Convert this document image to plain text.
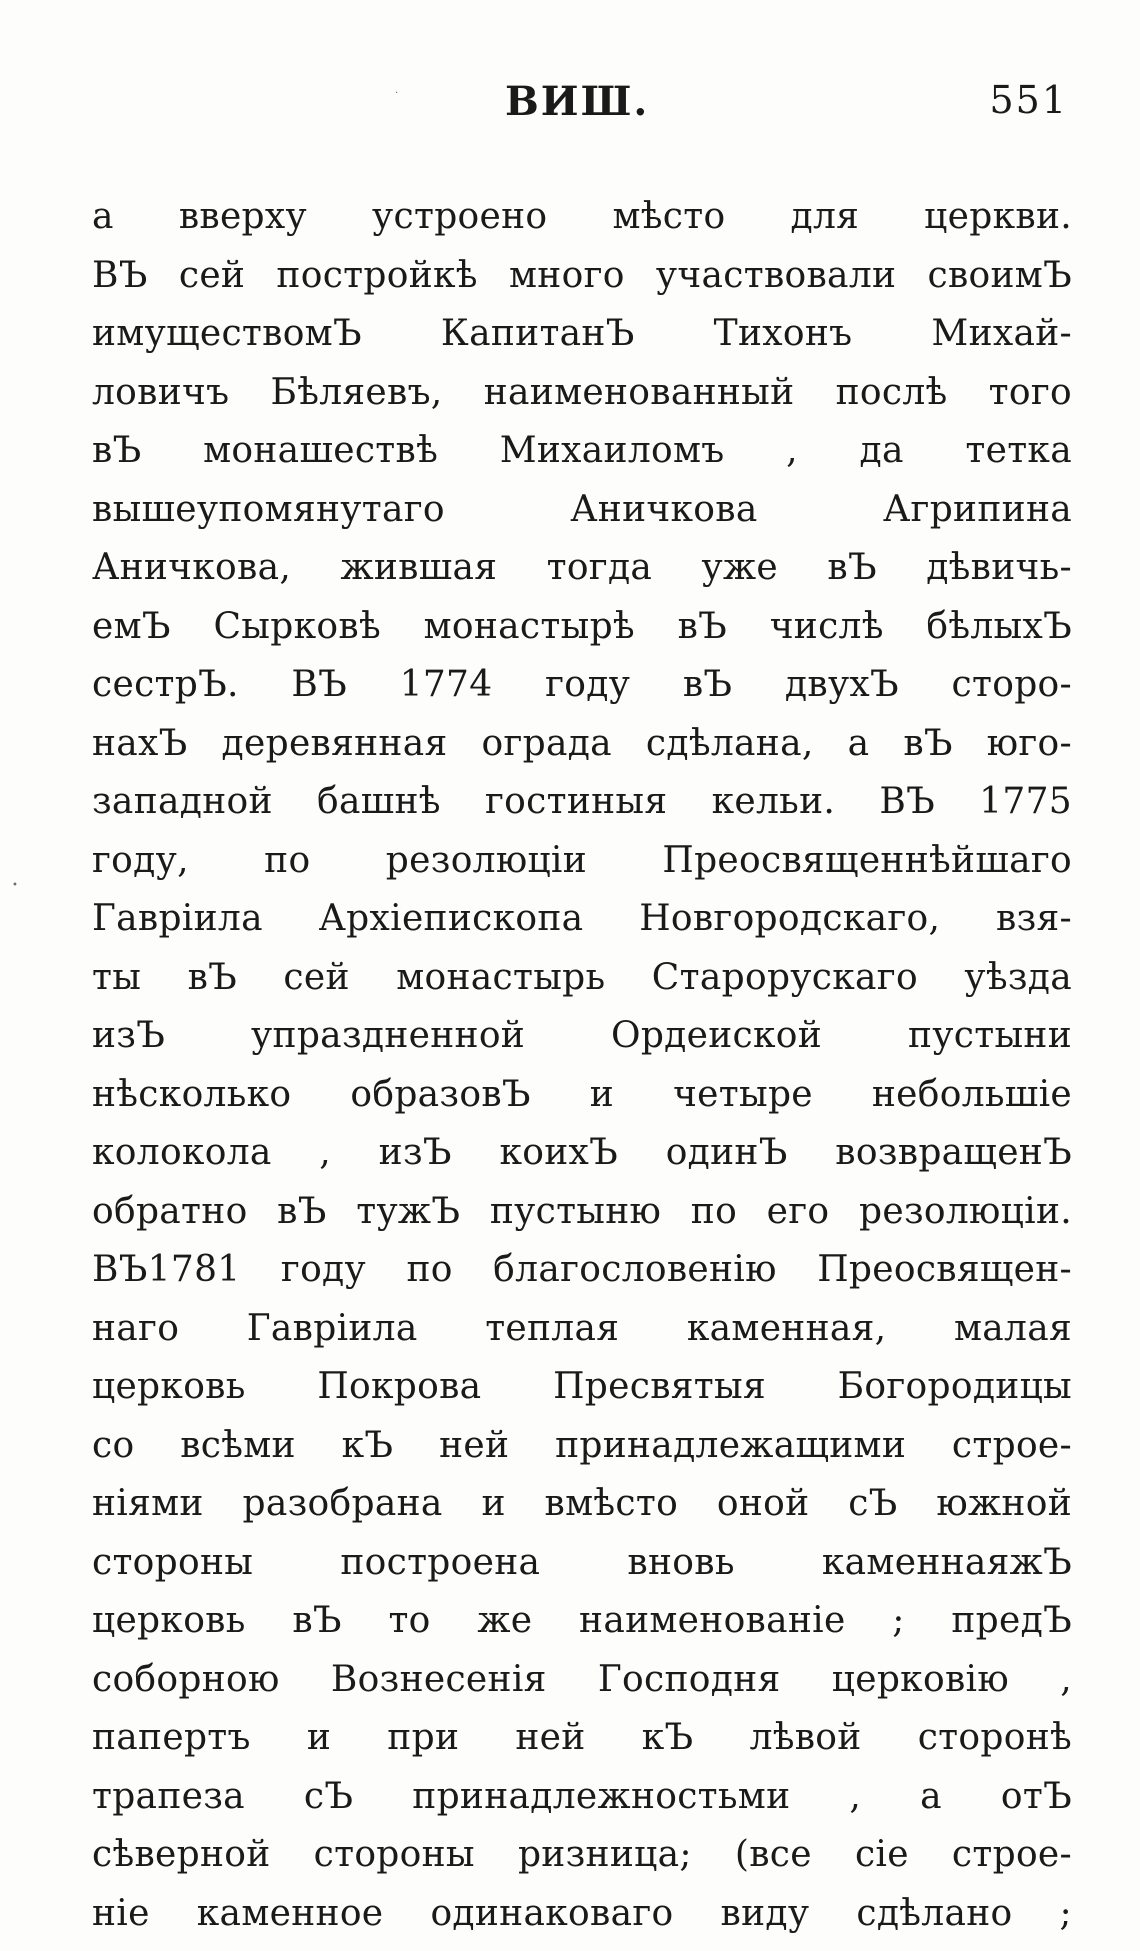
ВИШ.	551
а вверху устроено мѣсто для церкви.
ВЪ сей постройкѣ много участвовали своимЪ
имуществомЪ КапитанЪ Тихонъ Михай-
ловичъ Бѣляевъ, наименованный послѣ того
вЪ монашествѣ Михаиломъ , да тетка
вышеупомянутаго Аничкова Агрипина
Аничкова, жившая тогда уже вЪ дѣвичь-
емЪ Сырковѣ монастырѣ вЪ числѣ бѣлыхЪ
сестрЪ. ВЪ 1774 году вЪ двухЪ сторо-
нахЪ деревянная ограда сдѣлана, а вЪ юго-
западной башнѣ гостиныя кельи. ВЪ 1775
году, по резолюціи Преосвященнѣйшаго
Гавріила Архіепископа Новгородскаго, взя-
ты вЪ сей монастырь Старорускаго уѣзда
изЪ упраздненной Ордеиской пустыни
нѣсколько образовЪ и четыре небольшіе
колокола , изЪ коихЪ одинЪ возвращенЪ
обратно вЪ тужЪ пустыню по его резолюціи.
ВЪ1781 году по благословенію Преосвящен-
наго Гавріила теплая каменная, малая
церковь Покрова Пресвятыя Богородицы
со всѣми кЪ ней принадлежащими строе-
ніями разобрана и вмѣсто оной сЪ южной
стороны построена вновь каменнаяжЪ
церковь вЪ то же наименованіе ; предЪ
соборною Вознесенія Господня церковію ,
папертъ и при ней кЪ лѣвой сторонѣ
трапеза сЪ принадлежностьми , а отЪ
сѣверной стороны ризница; (все сіе строе-
ніе каменное одинаковаго виду сдѣлано ;
•
·
